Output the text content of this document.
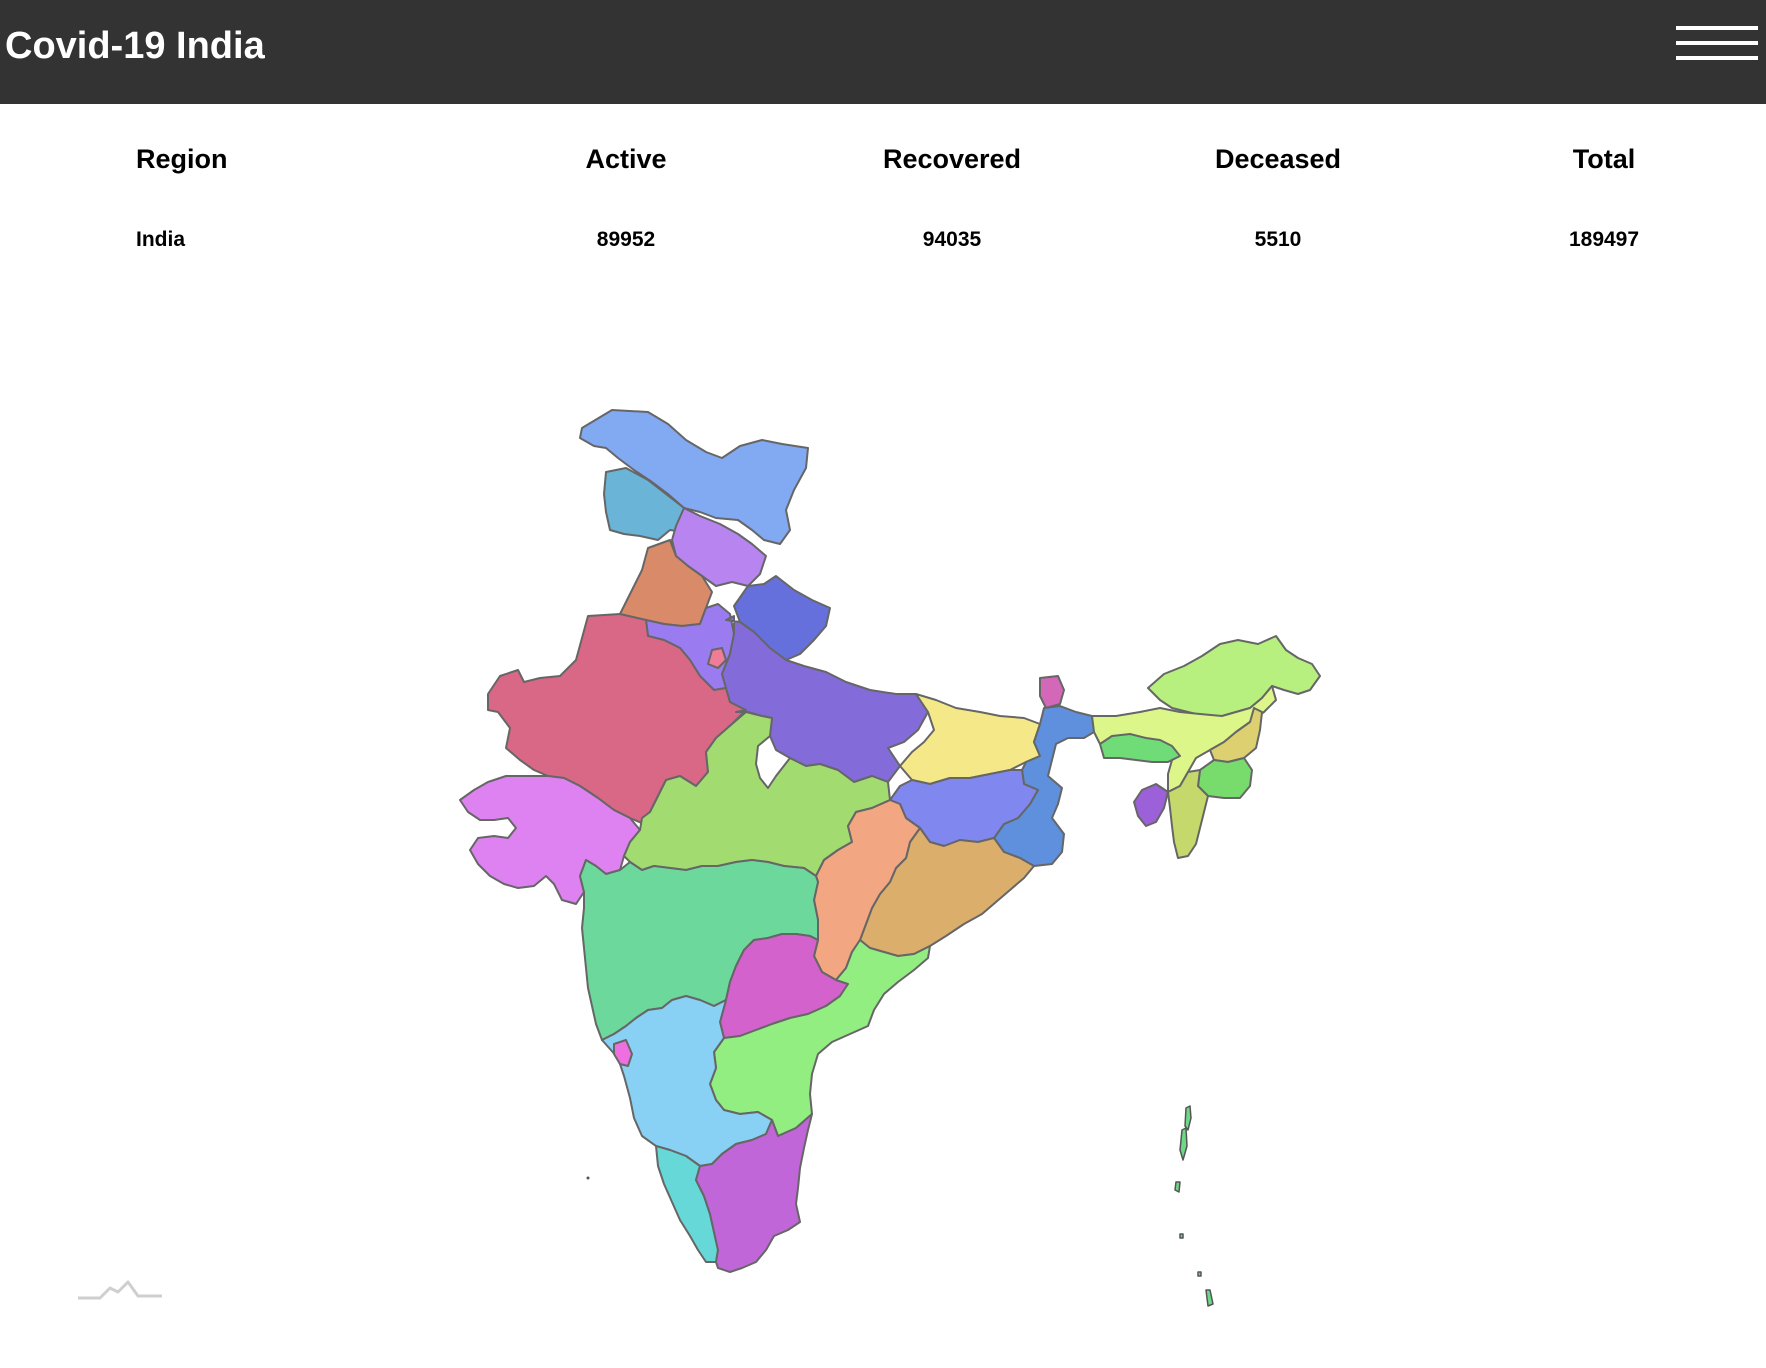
Covid-19 India
Region	Active	Recovered	Deceased	Total
India	89952	94035	5510	189497
